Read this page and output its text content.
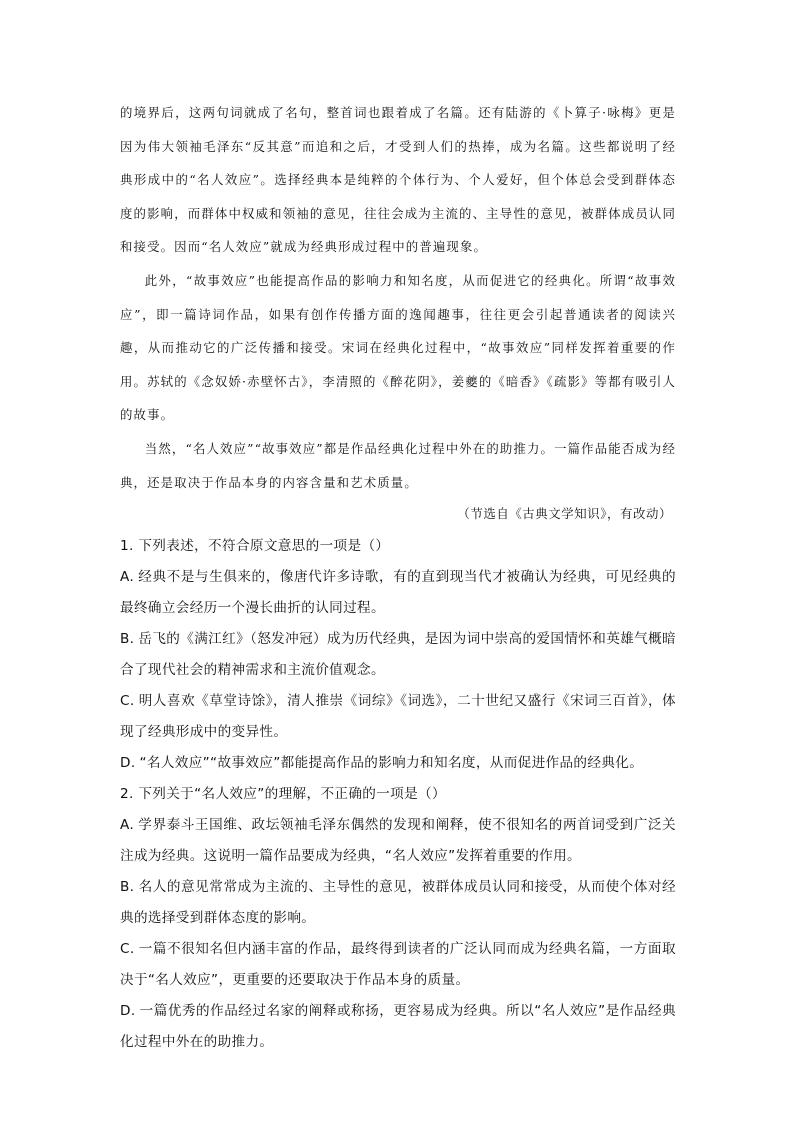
的境界后，这两句词就成了名句，整首词也跟着成了名篇。还有陆游的《卜算子·咏梅》更是因为伟大领袖毛泽东“反其意”而追和之后，才受到人们的热捧，成为名篇。这些都说明了经典形成中的“名人效应”。选择经典本是纯粹的个体行为、个人爱好，但个体总会受到群体态度的影响，而群体中权威和领袖的意见，往往会成为主流的、主导性的意见，被群体成员认同和接受。因而“名人效应”就成为经典形成过程中的普遍现象。

此外，“故事效应”也能提高作品的影响力和知名度，从而促进它的经典化。所谓“故事效应”，即一篇诗词作品，如果有创作传播方面的逸闻趣事，往往更会引起普通读者的阅读兴趣，从而推动它的广泛传播和接受。宋词在经典化过程中，“故事效应”同样发挥着重要的作用。苏轼的《念奴娇·赤壁怀古》，李清照的《醉花阴》，姜夔的《暗香》《疏影》等都有吸引人的故事。

当然，“名人效应”“故事效应”都是作品经典化过程中外在的助推力。一篇作品能否成为经典，还是取决于作品本身的内容含量和艺术质量。

（节选自《古典文学知识》，有改动）

1. 下列表述，不符合原文意思的一项是（）

A. 经典不是与生俱来的，像唐代许多诗歌，有的直到现当代才被确认为经典，可见经典的最终确立会经历一个漫长曲折的认同过程。

B. 岳飞的《满江红》（怒发冲冠）成为历代经典，是因为词中崇高的爱国情怀和英雄气概暗合了现代社会的精神需求和主流价值观念。

C. 明人喜欢《草堂诗馀》，清人推崇《词综》《词选》，二十世纪又盛行《宋词三百首》，体现了经典形成中的变异性。

D. “名人效应”“故事效应”都能提高作品的影响力和知名度，从而促进作品的经典化。

2. 下列关于“名人效应”的理解，不正确的一项是（）

A. 学界泰斗王国维、政坛领袖毛泽东偶然的发现和阐释，使不很知名的两首词受到广泛关注成为经典。这说明一篇作品要成为经典，“名人效应”发挥着重要的作用。

B. 名人的意见常常成为主流的、主导性的意见，被群体成员认同和接受，从而使个体对经典的选择受到群体态度的影响。

C. 一篇不很知名但内涵丰富的作品，最终得到读者的广泛认同而成为经典名篇，一方面取决于“名人效应”，更重要的还要取决于作品本身的质量。

D. 一篇优秀的作品经过名家的阐释或称扬，更容易成为经典。所以“名人效应”是作品经典化过程中外在的助推力。
